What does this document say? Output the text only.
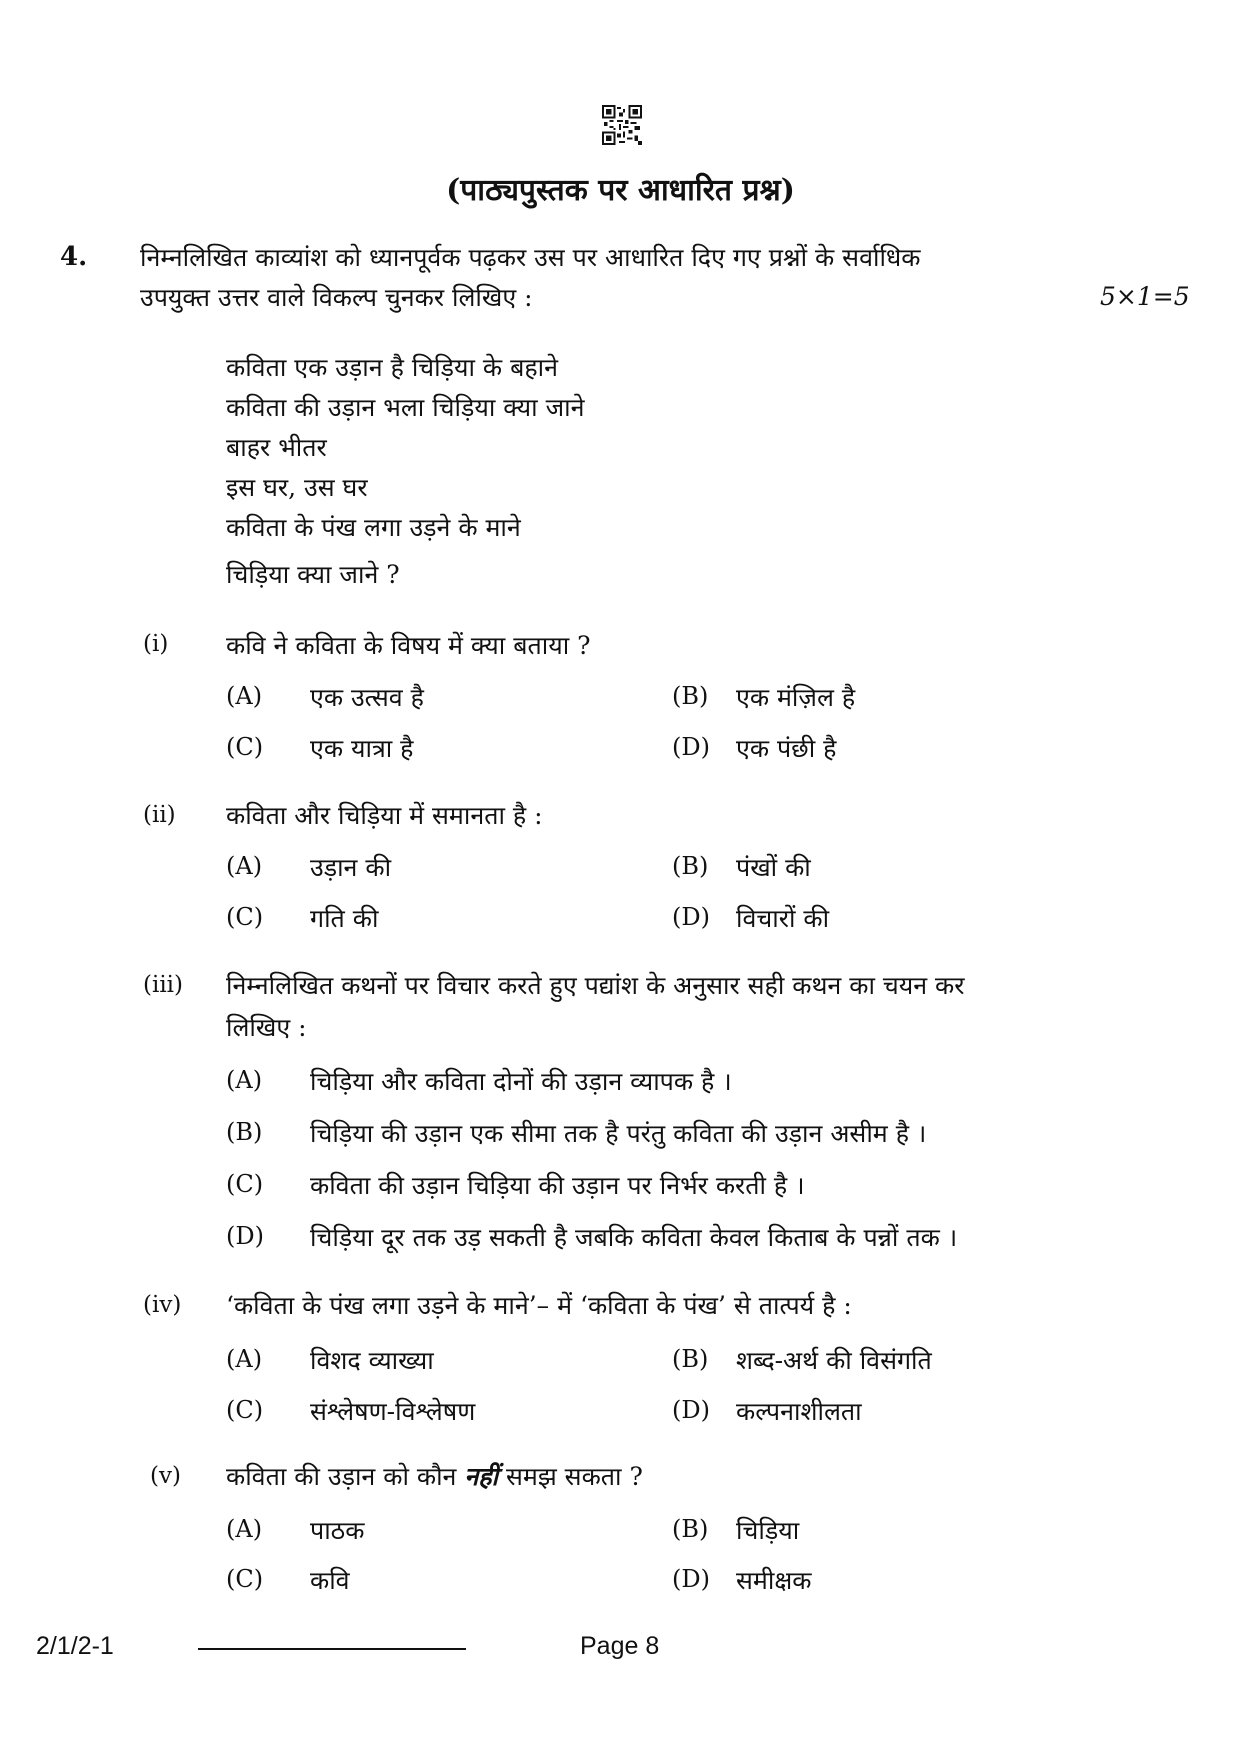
(पाठ्यपुस्तक पर आधारित प्रश्न)
4. निम्नलिखित काव्यांश को ध्यानपूर्वक पढ़कर उस पर आधारित दिए गए प्रश्नों के सर्वाधिक
उपयुक्त उत्तर वाले विकल्प चुनकर लिखिए :	5×1=5
कविता एक उड़ान है चिड़िया के बहाने
कविता की उड़ान भला चिड़िया क्या जाने
बाहर भीतर
इस घर, उस घर
कविता के पंख लगा उड़ने के माने
चिड़िया क्या जाने ?
(i) कवि ने कविता के विषय में क्या बताया ?
(A) एक उत्सव है	(B) एक मंज़िल है
(C) एक यात्रा है	(D) एक पंछी है
(ii) कविता और चिड़िया में समानता है :
(A) उड़ान की	(B) पंखों की
(C) गति की	(D) विचारों की
(iii) निम्नलिखित कथनों पर विचार करते हुए पद्यांश के अनुसार सही कथन का चयन कर
लिखिए :
(A) चिड़िया और कविता दोनों की उड़ान व्यापक है ।
(B) चिड़िया की उड़ान एक सीमा तक है परंतु कविता की उड़ान असीम है ।
(C) कविता की उड़ान चिड़िया की उड़ान पर निर्भर करती है ।
(D) चिड़िया दूर तक उड़ सकती है जबकि कविता केवल किताब के पन्नों तक ।
(iv) ‘कविता के पंख लगा उड़ने के माने’– में ‘कविता के पंख’ से तात्पर्य है :
(A) विशद व्याख्या	(B) शब्द-अर्थ की विसंगति
(C) संश्लेषण-विश्लेषण	(D) कल्पनाशीलता
(v) कविता की उड़ान को कौन नहीं समझ सकता ?
(A) पाठक	(B) चिड़िया
(C) कवि	(D) समीक्षक
2/1/2-1	Page 8
